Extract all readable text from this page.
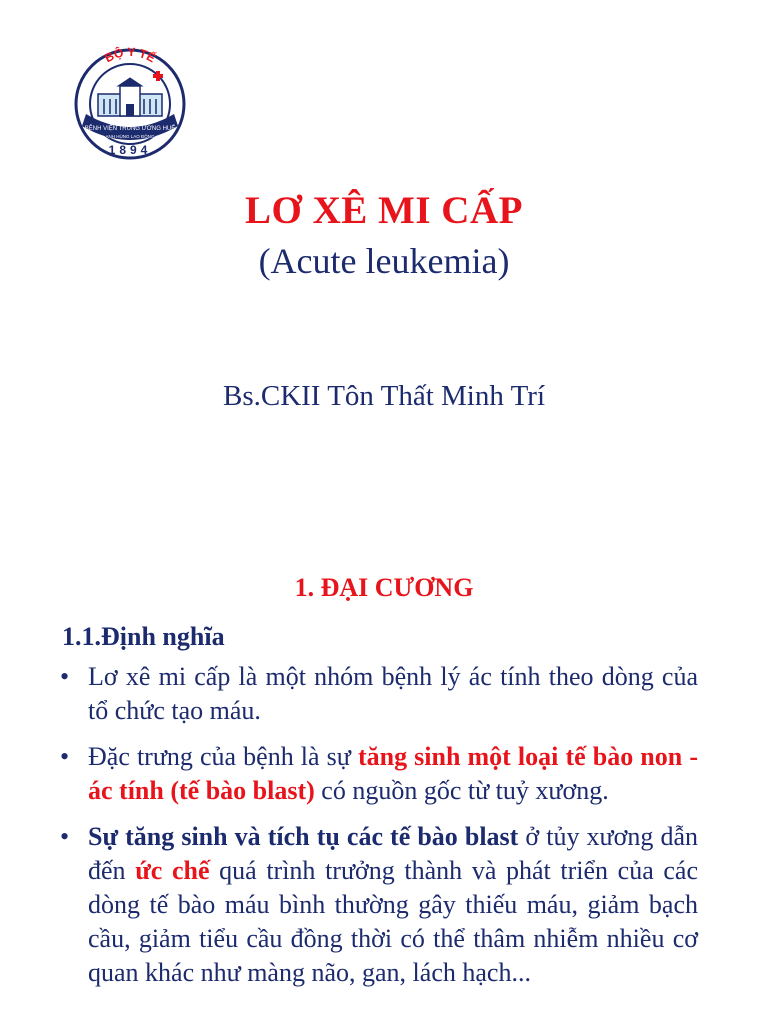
BỘ Y TẾ
BỆNH VIỆN TRUNG ƯƠNG HUẾ
ANH HÙNG LAO ĐỘNG
1894
LƠ XÊ MI CẤP
(Acute leukemia)
Bs.CKII Tôn Thất Minh Trí
1. ĐẠI CƯƠNG
1.1.Định nghĩa
• Lơ xê mi cấp là một nhóm bệnh lý ác tính theo dòng của tổ chức tạo máu.
• Đặc trưng của bệnh là sự tăng sinh một loại tế bào non - ác tính (tế bào blast) có nguồn gốc từ tuỷ xương.
• Sự tăng sinh và tích tụ các tế bào blast ở tủy xương dẫn đến ức chế quá trình trưởng thành và phát triển của các dòng tế bào máu bình thường gây thiếu máu, giảm bạch cầu, giảm tiểu cầu đồng thời có thể thâm nhiễm nhiều cơ quan khác như màng não, gan, lách hạch...
